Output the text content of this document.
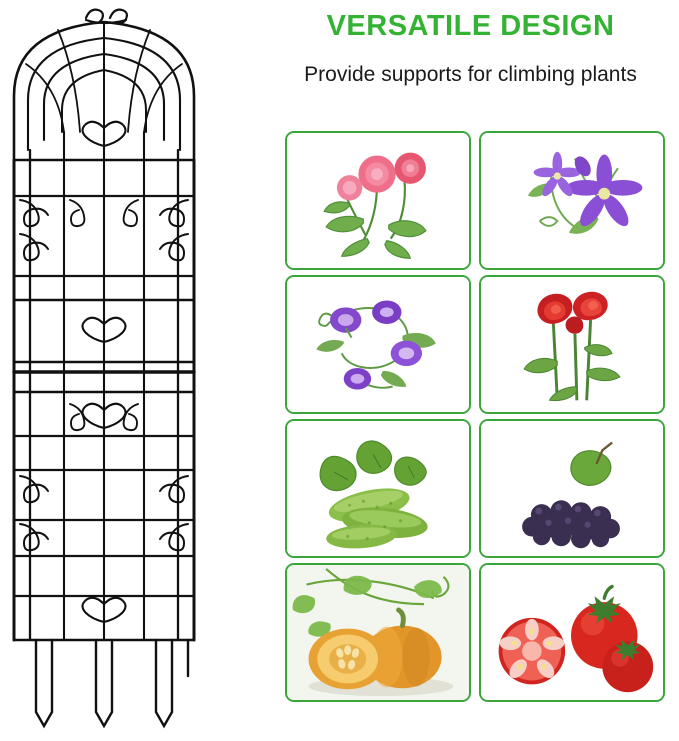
VERSATILE DESIGN
Provide supports for climbing plants
